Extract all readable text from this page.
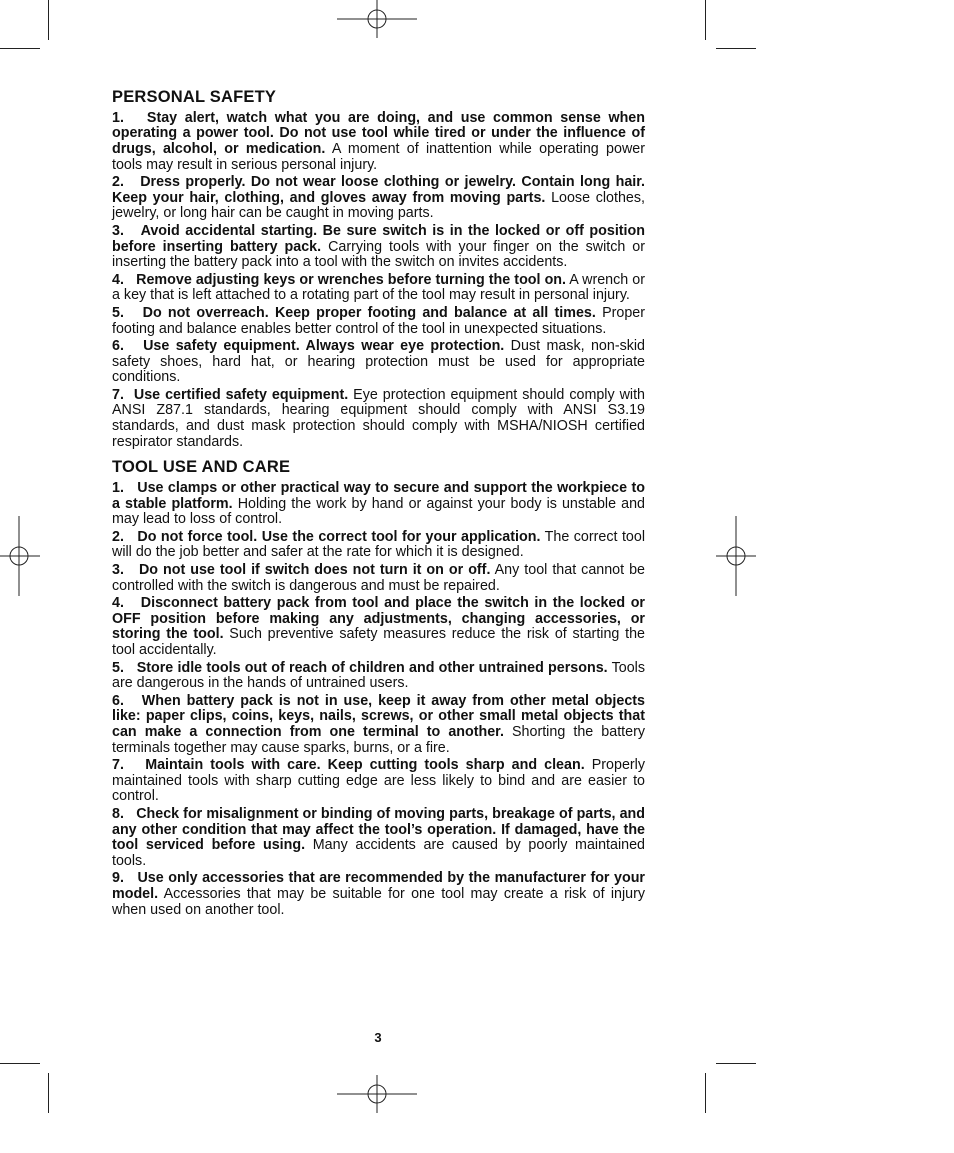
PERSONAL SAFETY

1. Stay alert, watch what you are doing, and use common sense when operating a power tool. Do not use tool while tired or under the influence of drugs, alcohol, or medication. A moment of inattention while operating power tools may result in serious personal injury.

2. Dress properly. Do not wear loose clothing or jewelry. Contain long hair. Keep your hair, clothing, and gloves away from moving parts. Loose clothes, jewelry, or long hair can be caught in moving parts.

3. Avoid accidental starting. Be sure switch is in the locked or off position before inserting battery pack. Carrying tools with your finger on the switch or inserting the battery pack into a tool with the switch on invites accidents.

4. Remove adjusting keys or wrenches before turning the tool on. A wrench or a key that is left attached to a rotating part of the tool may result in personal injury.

5. Do not overreach. Keep proper footing and balance at all times. Proper footing and balance enables better control of the tool in unexpected situations.

6. Use safety equipment. Always wear eye protection. Dust mask, non-skid safety shoes, hard hat, or hearing protection must be used for appropriate conditions.

7. Use certified safety equipment. Eye protection equipment should comply with ANSI Z87.1 standards, hearing equipment should comply with ANSI S3.19 standards, and dust mask protection should comply with MSHA/NIOSH certified respirator standards.

TOOL USE AND CARE

1. Use clamps or other practical way to secure and support the workpiece to a stable platform. Holding the work by hand or against your body is unstable and may lead to loss of control.

2. Do not force tool. Use the correct tool for your application. The correct tool will do the job better and safer at the rate for which it is designed.

3. Do not use tool if switch does not turn it on or off. Any tool that cannot be controlled with the switch is dangerous and must be repaired.

4. Disconnect battery pack from tool and place the switch in the locked or OFF position before making any adjustments, changing accessories, or storing the tool. Such preventive safety measures reduce the risk of starting the tool accidentally.

5. Store idle tools out of reach of children and other untrained persons. Tools are dangerous in the hands of untrained users.

6. When battery pack is not in use, keep it away from other metal objects like: paper clips, coins, keys, nails, screws, or other small metal objects that can make a connection from one terminal to another. Shorting the battery terminals together may cause sparks, burns, or a fire.

7. Maintain tools with care. Keep cutting tools sharp and clean. Properly maintained tools with sharp cutting edge are less likely to bind and are easier to control.

8. Check for misalignment or binding of moving parts, breakage of parts, and any other condition that may affect the tool’s operation. If damaged, have the tool serviced before using. Many accidents are caused by poorly maintained tools.

9. Use only accessories that are recommended by the manufacturer for your model. Accessories that may be suitable for one tool may create a risk of injury when used on another tool.

3
